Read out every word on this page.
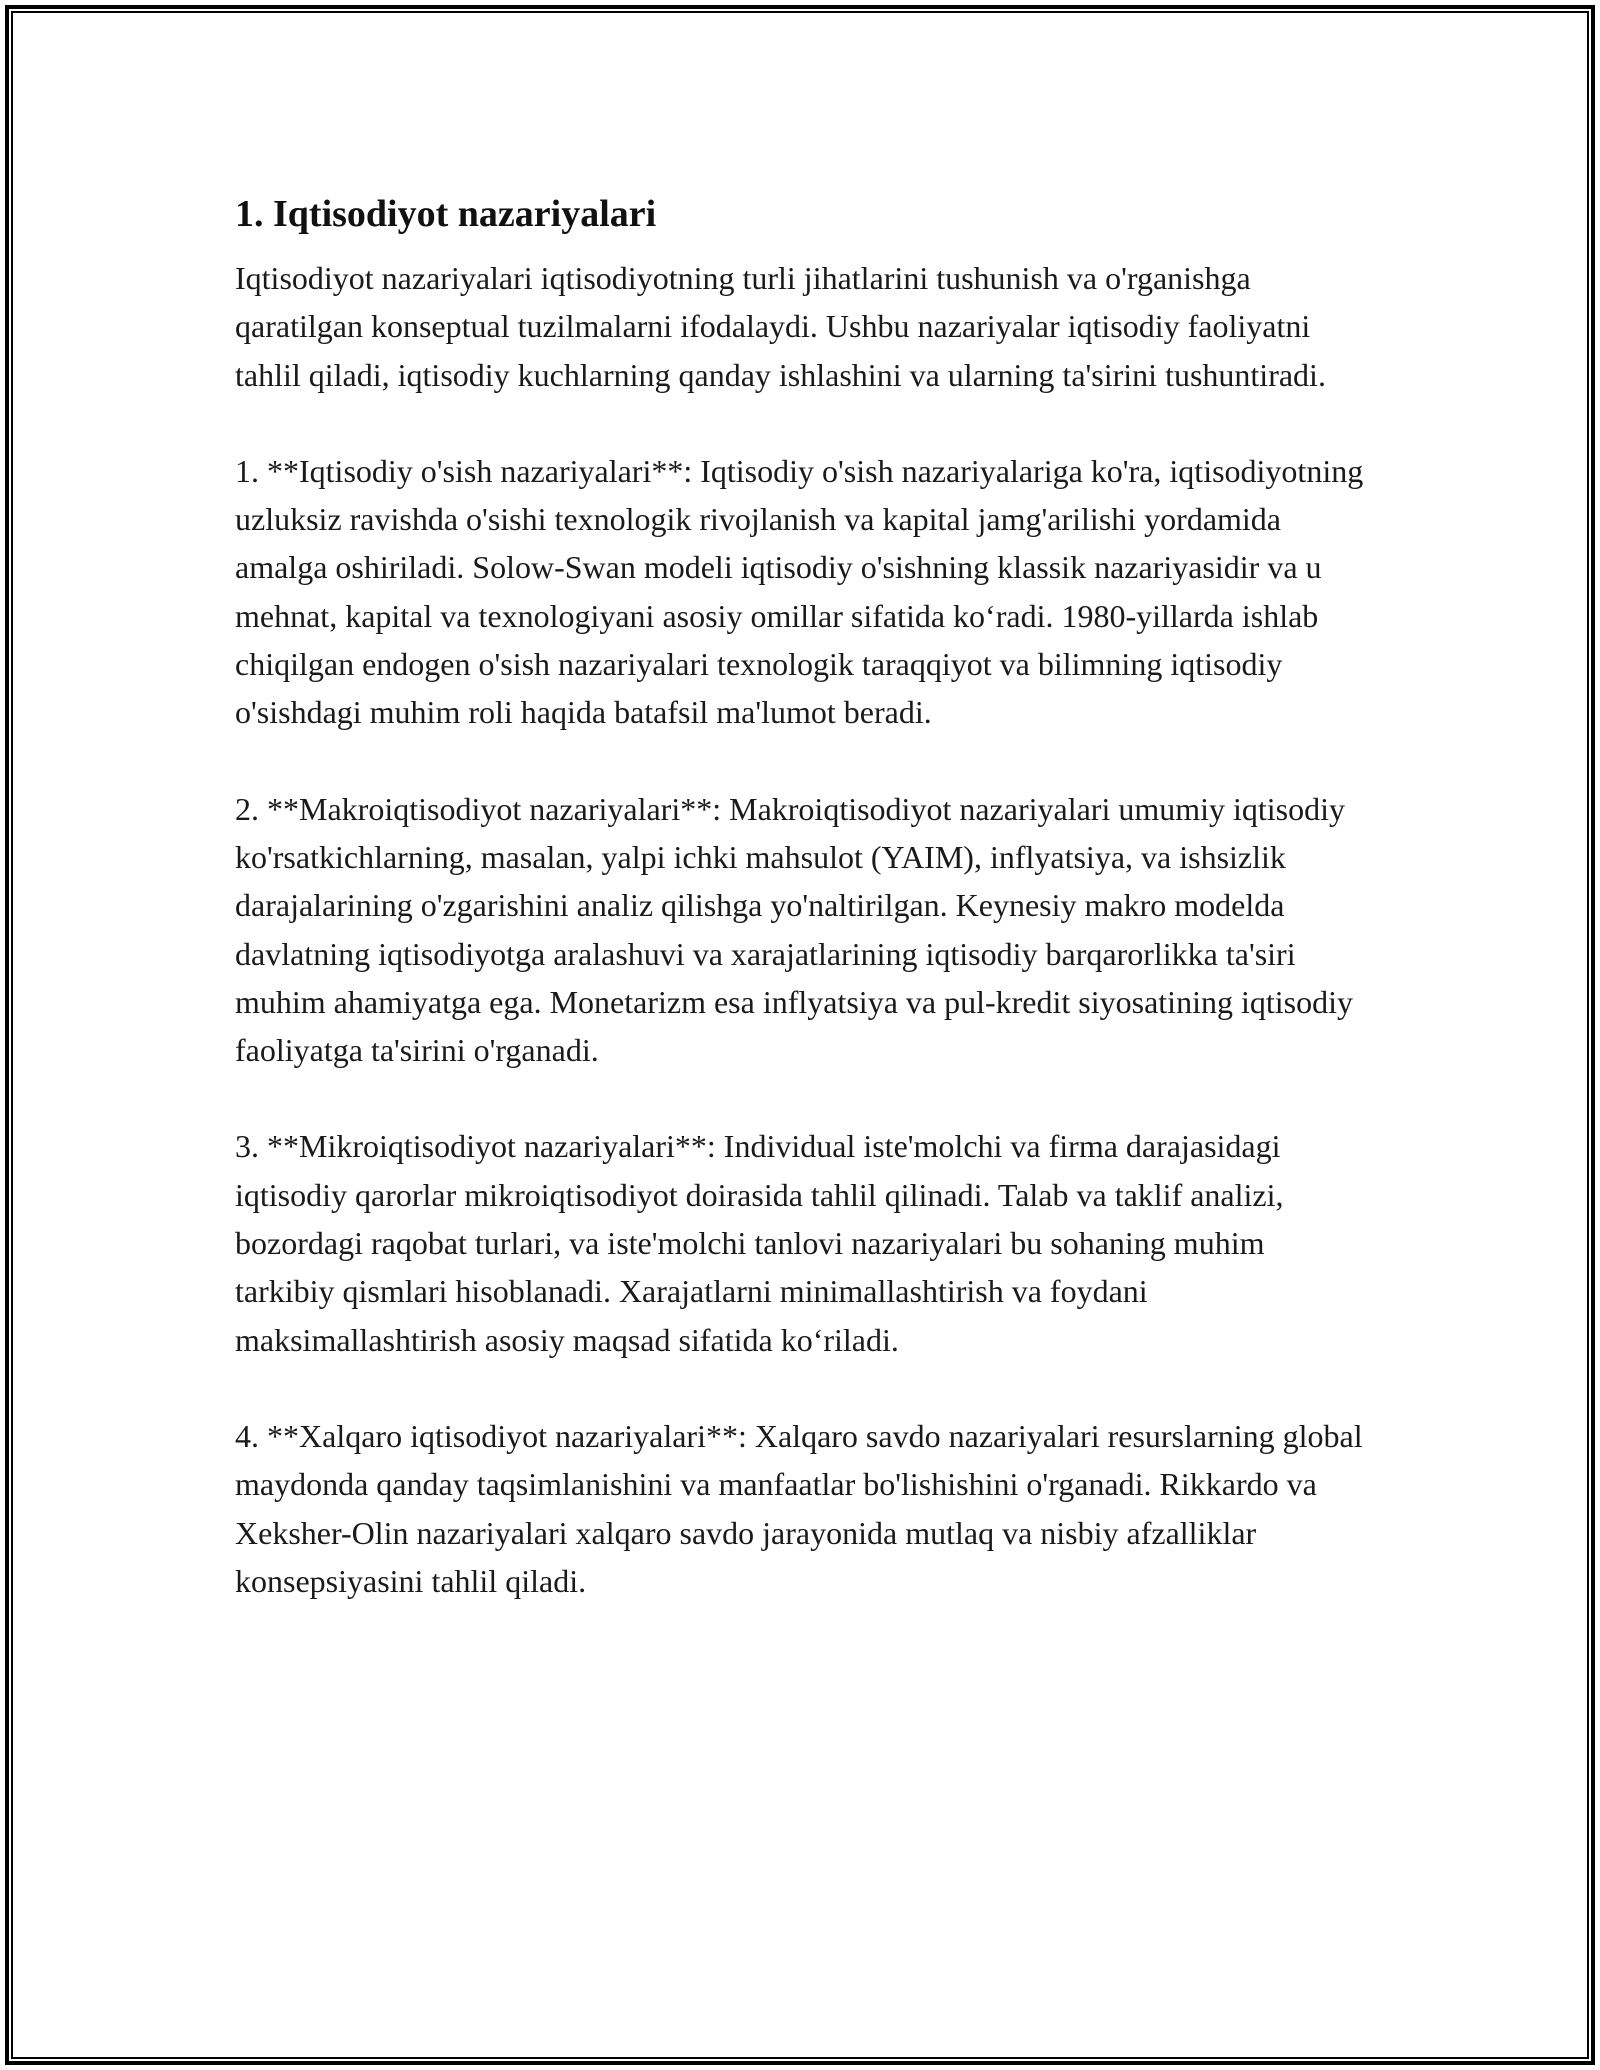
1. Iqtisodiyot nazariyalari

Iqtisodiyot nazariyalari iqtisodiyotning turli jihatlarini tushunish va o'rganishga qaratilgan konseptual tuzilmalarni ifodalaydi. Ushbu nazariyalar iqtisodiy faoliyatni tahlil qiladi, iqtisodiy kuchlarning qanday ishlashini va ularning ta'sirini tushuntiradi.

1. **Iqtisodiy o'sish nazariyalari**: Iqtisodiy o'sish nazariyalariga ko'ra, iqtisodiyotning uzluksiz ravishda o'sishi texnologik rivojlanish va kapital jamg'arilishi yordamida amalga oshiriladi. Solow-Swan modeli iqtisodiy o'sishning klassik nazariyasidir va u mehnat, kapital va texnologiyani asosiy omillar sifatida ko‘radi. 1980-yillarda ishlab chiqilgan endogen o'sish nazariyalari texnologik taraqqiyot va bilimning iqtisodiy o'sishdagi muhim roli haqida batafsil ma'lumot beradi.

2. **Makroiqtisodiyot nazariyalari**: Makroiqtisodiyot nazariyalari umumiy iqtisodiy ko'rsatkichlarning, masalan, yalpi ichki mahsulot (YAIM), inflyatsiya, va ishsizlik darajalarining o'zgarishini analiz qilishga yo'naltirilgan. Keynesiy makro modelda davlatning iqtisodiyotga aralashuvi va xarajatlarining iqtisodiy barqarorlikka ta'siri muhim ahamiyatga ega. Monetarizm esa inflyatsiya va pul-kredit siyosatining iqtisodiy faoliyatga ta'sirini o'rganadi.

3. **Mikroiqtisodiyot nazariyalari**: Individual iste'molchi va firma darajasidagi iqtisodiy qarorlar mikroiqtisodiyot doirasida tahlil qilinadi. Talab va taklif analizi, bozordagi raqobat turlari, va iste'molchi tanlovi nazariyalari bu sohaning muhim tarkibiy qismlari hisoblanadi. Xarajatlarni minimallashtirish va foydani maksimallashtirish asosiy maqsad sifatida ko‘riladi.

4. **Xalqaro iqtisodiyot nazariyalari**: Xalqaro savdo nazariyalari resurslarning global maydonda qanday taqsimlanishini va manfaatlar bo'lishishini o'rganadi. Rikkardo va Xeksher-Olin nazariyalari xalqaro savdo jarayonida mutlaq va nisbiy afzalliklar konsepsiyasini tahlil qiladi.
